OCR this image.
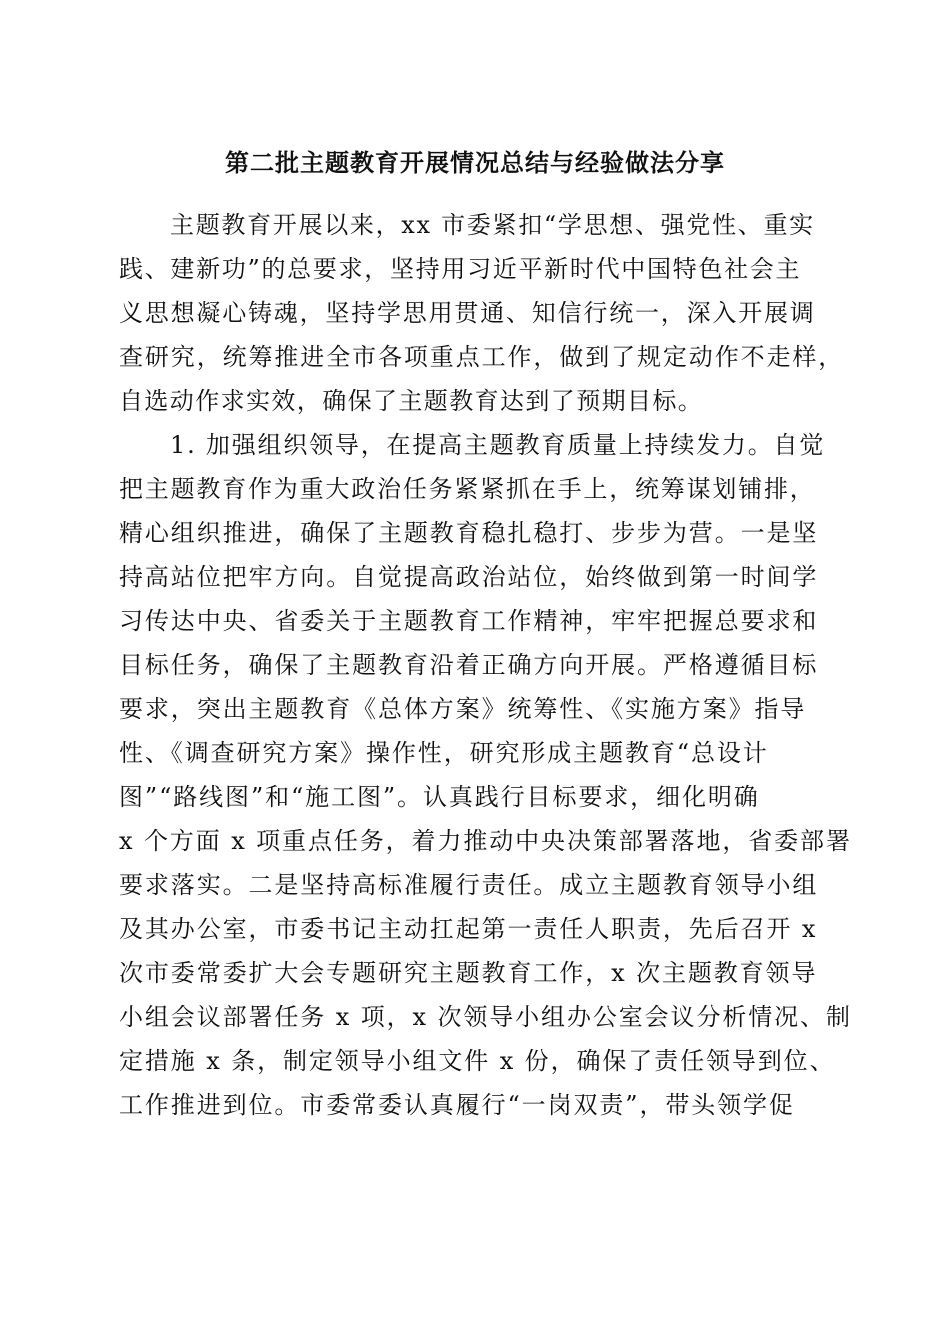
第二批主题教育开展情况总结与经验做法分享
主题教育开展以来，xx 市委紧扣“学思想、强党性、重实
践、建新功”的总要求，坚持用习近平新时代中国特色社会主
义思想凝心铸魂，坚持学思用贯通、知信行统一，深入开展调
查研究，统筹推进全市各项重点工作，做到了规定动作不走样，
自选动作求实效，确保了主题教育达到了预期目标。
1. 加强组织领导，在提高主题教育质量上持续发力。自觉
把主题教育作为重大政治任务紧紧抓在手上，统筹谋划铺排，
精心组织推进，确保了主题教育稳扎稳打、步步为营。一是坚
持高站位把牢方向。自觉提高政治站位，始终做到第一时间学
习传达中央、省委关于主题教育工作精神，牢牢把握总要求和
目标任务，确保了主题教育沿着正确方向开展。严格遵循目标
要求，突出主题教育《总体方案》统筹性、《实施方案》指导
性、《调查研究方案》操作性，研究形成主题教育“总设计
图”“路线图”和“施工图”。认真践行目标要求，细化明确
x 个方面 x 项重点任务，着力推动中央决策部署落地，省委部署
要求落实。二是坚持高标准履行责任。成立主题教育领导小组
及其办公室，市委书记主动扛起第一责任人职责，先后召开 x
次市委常委扩大会专题研究主题教育工作，x 次主题教育领导
小组会议部署任务 x 项，x 次领导小组办公室会议分析情况、制
定措施 x 条，制定领导小组文件 x 份，确保了责任领导到位、
工作推进到位。市委常委认真履行“一岗双责”，带头领学促
